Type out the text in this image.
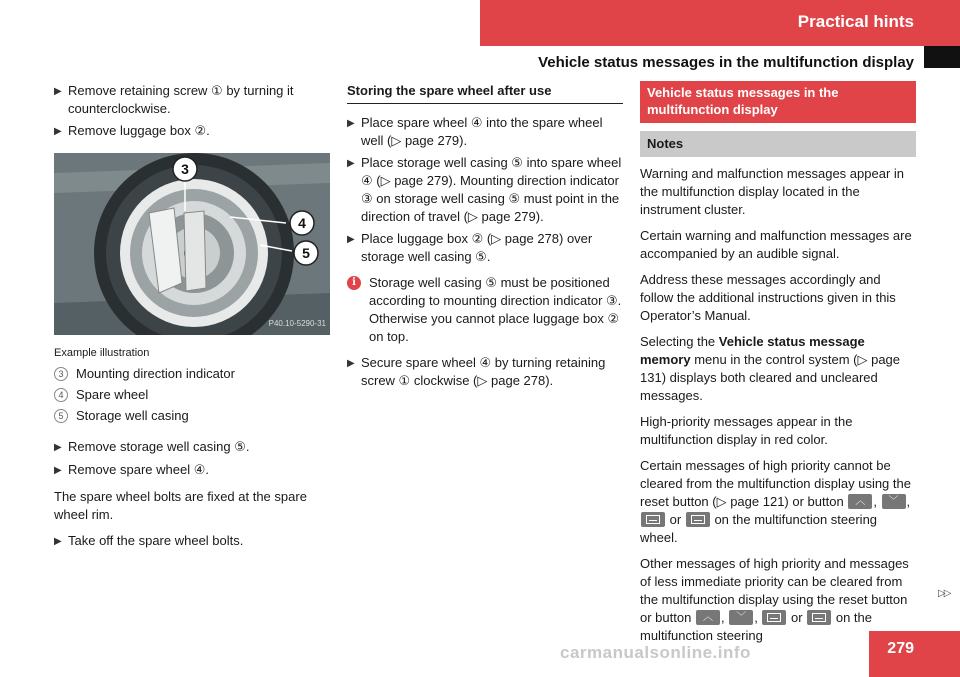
Practical hints
Vehicle status messages in the multifunction display
▶ Remove retaining screw ① by turning it counterclockwise.
▶ Remove luggage box ②.
3
4
5
P40.10-5290-31
Example illustration
3 Mounting direction indicator
4 Spare wheel
5 Storage well casing
▶ Remove storage well casing ⑤.
▶ Remove spare wheel ④.

The spare wheel bolts are fixed at the spare wheel rim.

▶ Take off the spare wheel bolts.
Storing the spare wheel after use
▶ Place spare wheel ④ into the spare wheel well (▷ page 279).
▶ Place storage well casing ⑤ into spare wheel ④ (▷ page 279). Mounting direction indicator ③ on storage well casing ⑤ must point in the direction of travel (▷ page 279).
▶ Place luggage box ② (▷ page 278) over storage well casing ⑤.
i	Storage well casing ⑤ must be positioned according to mounting direction indicator ③. Otherwise you cannot place luggage box ② on top.
▶ Secure spare wheel ④ by turning retaining screw ① clockwise (▷ page 278).
Vehicle status messages in the multifunction display
Notes

Warning and malfunction messages appear in the multifunction display located in the instrument cluster.

Certain warning and malfunction messages are accompanied by an audible signal.

Address these messages accordingly and follow the additional instructions given in this Operator’s Manual.

Selecting the Vehicle status message memory menu in the control system (▷ page 131) displays both cleared and uncleared messages.

High-priority messages appear in the multifunction display in red color.

Certain messages of high priority cannot be cleared from the multifunction display using the reset button (▷ page 121) or button	︿ , ﹀ ,
or	on the multifunction steering wheel.

Other messages of high priority and messages of less immediate priority can be cleared from the multifunction display using the reset button or button	︿ , ﹀ ,
or	on the multifunction steering

▷▷
carmanualsonline.info	279
